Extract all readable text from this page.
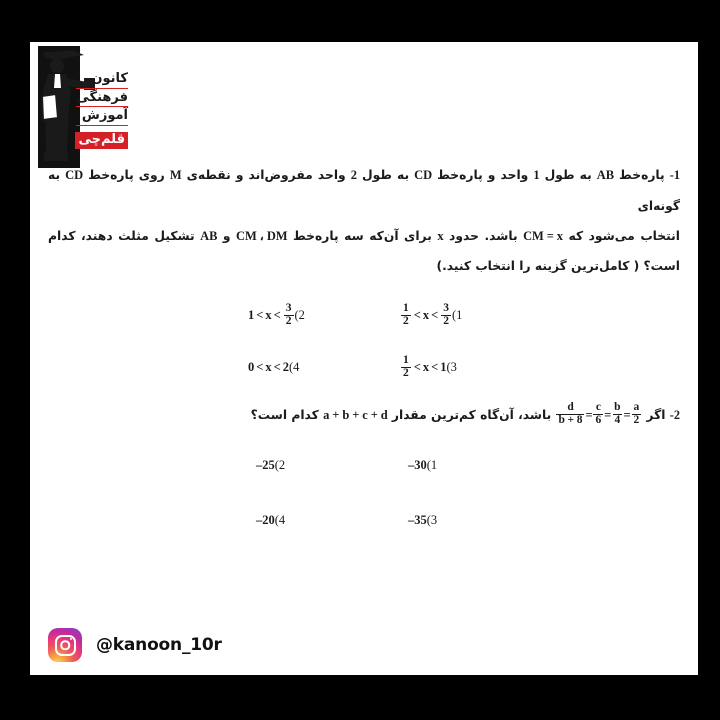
کانون
فرهنگی
آموزش
قلم‌چی
1- پاره‌خط AB به طول 1 واحد و پاره‌خط CD به طول 2 واحد مفروض‌اند و نقطه‌ی M روی پاره‌خط CD به گونه‌ای
انتخاب می‌شود که CM = x باشد. حدود x برای آن‌که سه پاره‌خط CM ، DM و AB تشکیل مثلث دهند، کدام
است؟ ( کامل‌ترین گزینه را انتخاب کنید.)
$\frac{1}{2} < x < \frac{3}{2} (1$
$1 < x < \frac{3}{2} (2$
$\frac{1}{2} < x < 1$ (3
0 < x < 2 (4
2- اگر
$\frac{a}{2}$
=
$\frac{b}{4}$
=
$\frac{c}{6}$
=
$\frac{d}{8 + b}$
باشد، آن‌گاه کم‌ترین مقدار a + b + c + d کدام است؟
–30 (1
–25 (2
–35 (3
–20 (4
@kanoon_10r
